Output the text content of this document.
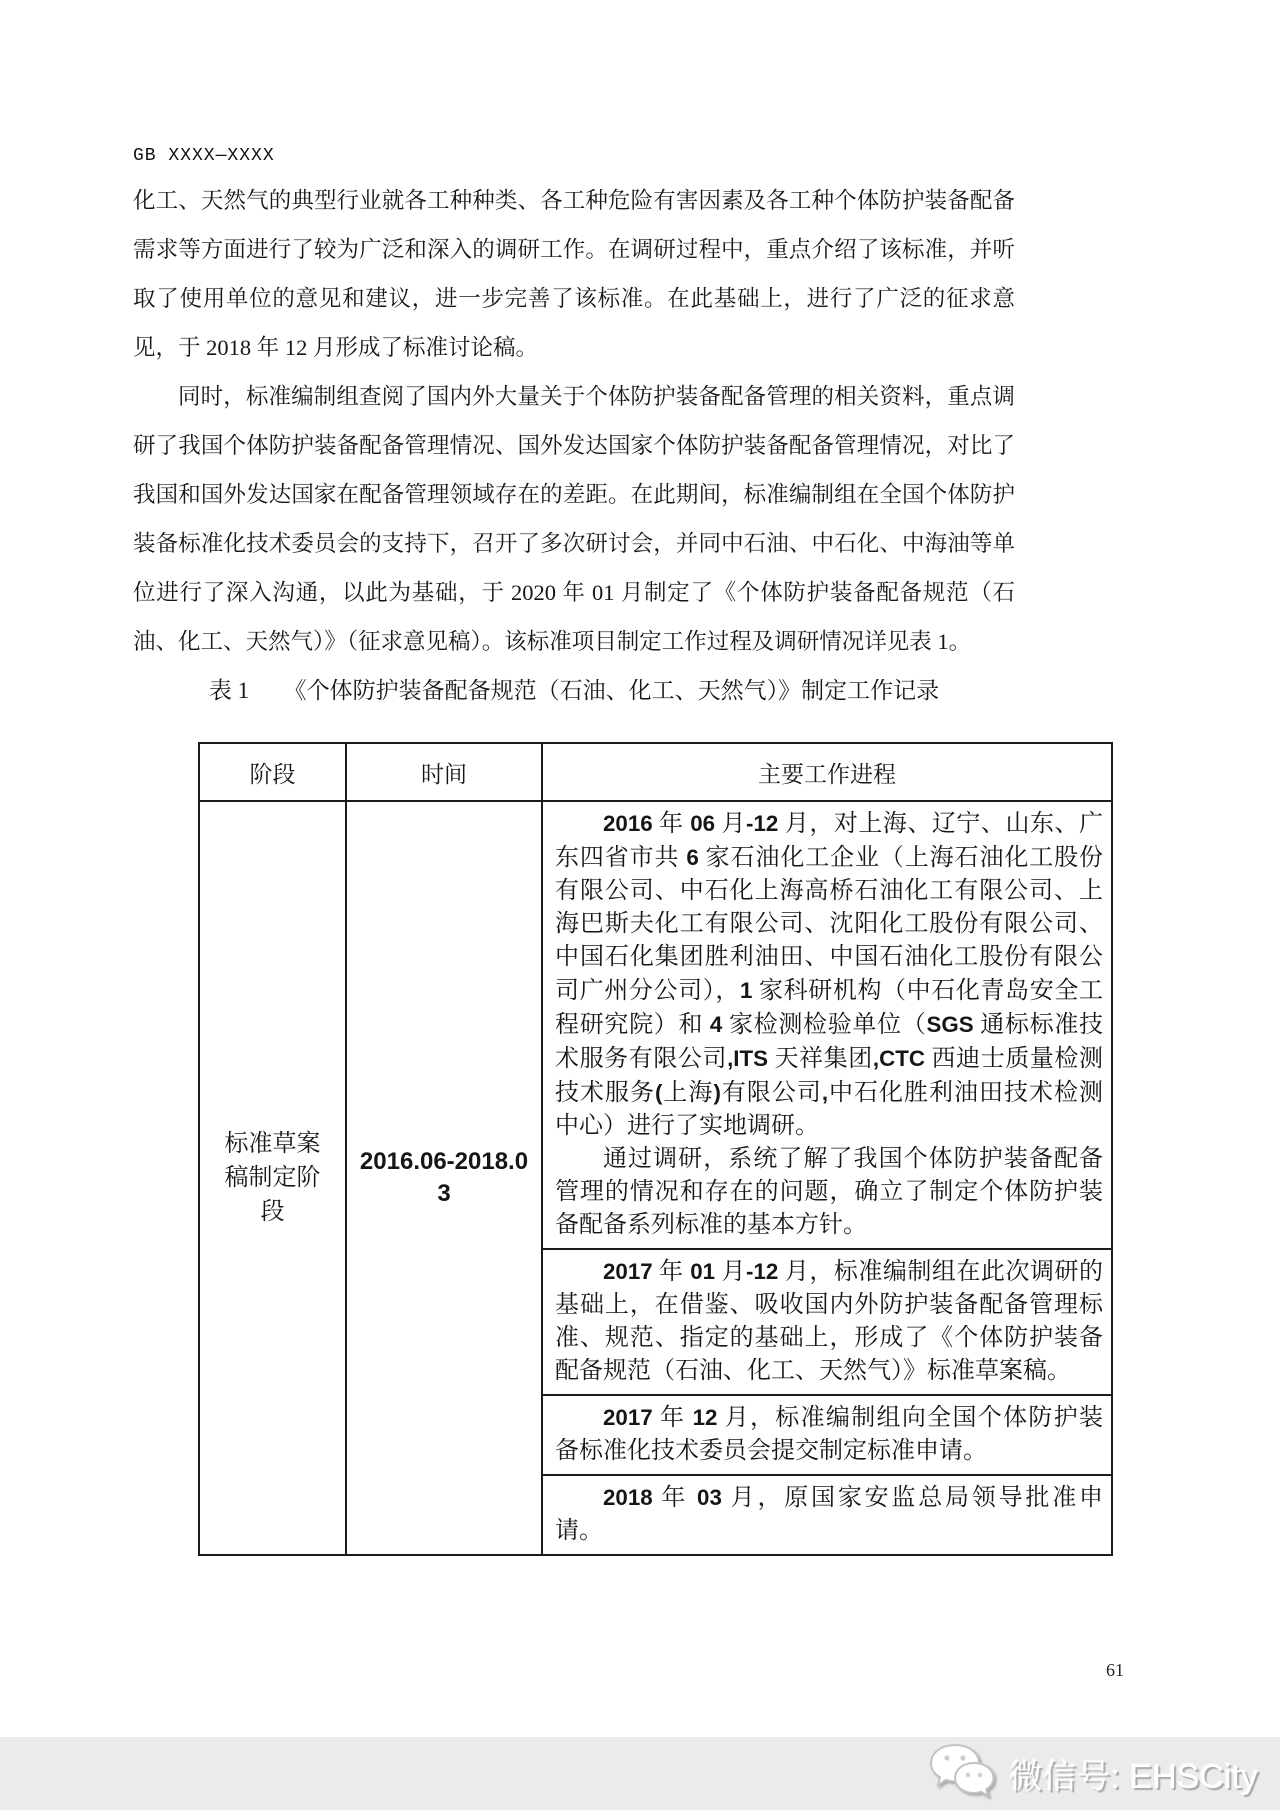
GB XXXX—XXXX

化工、天然气的典型行业就各工种种类、各工种危险有害因素及各工种个体防护装备配备需求等方面进行了较为广泛和深入的调研工作。在调研过程中，重点介绍了该标准，并听取了使用单位的意见和建议，进一步完善了该标准。在此基础上，进行了广泛的征求意见，于 2018 年 12 月形成了标准讨论稿。

同时，标准编制组查阅了国内外大量关于个体防护装备配备管理的相关资料，重点调研了我国个体防护装备配备管理情况、国外发达国家个体防护装备配备管理情况，对比了我国和国外发达国家在配备管理领域存在的差距。在此期间，标准编制组在全国个体防护装备标准化技术委员会的支持下，召开了多次研讨会，并同中石油、中石化、中海油等单位进行了深入沟通，以此为基础，于 2020 年 01 月制定了《个体防护装备配备规范（石油、化工、天然气）》（征求意见稿）。该标准项目制定工作过程及调研情况详见表 1。

表 1　　《个体防护装备配备规范（石油、化工、天然气）》制定工作记录
阶段	时间	主要工作进程
标准草案稿制定阶段
2016.06-2018.03

2016 年 06 月-12 月，对上海、辽宁、山东、广东四省市共 6 家石油化工企业（上海石油化工股份有限公司、中石化上海高桥石油化工有限公司、上海巴斯夫化工有限公司、沈阳化工股份有限公司、中国石化集团胜利油田、中国石油化工股份有限公司广州分公司），1 家科研机构（中石化青岛安全工程研究院）和 4 家检测检验单位（SGS 通标标准技术服务有限公司,ITS 天祥集团,CTC 西迪士质量检测技术服务(上海)有限公司,中石化胜利油田技术检测中心）进行了实地调研。

通过调研，系统了解了我国个体防护装备配备管理的情况和存在的问题，确立了制定个体防护装备配备系列标准的基本方针。

2017 年 01 月-12 月，标准编制组在此次调研的基础上，在借鉴、吸收国内外防护装备配备管理标准、规范、指定的基础上，形成了《个体防护装备配备规范（石油、化工、天然气）》标准草案稿。

2017 年 12 月，标准编制组向全国个体防护装备标准化技术委员会提交制定标准申请。

2018 年 03 月，原国家安监总局领导批准申请。

61
微信号: EHSCity
